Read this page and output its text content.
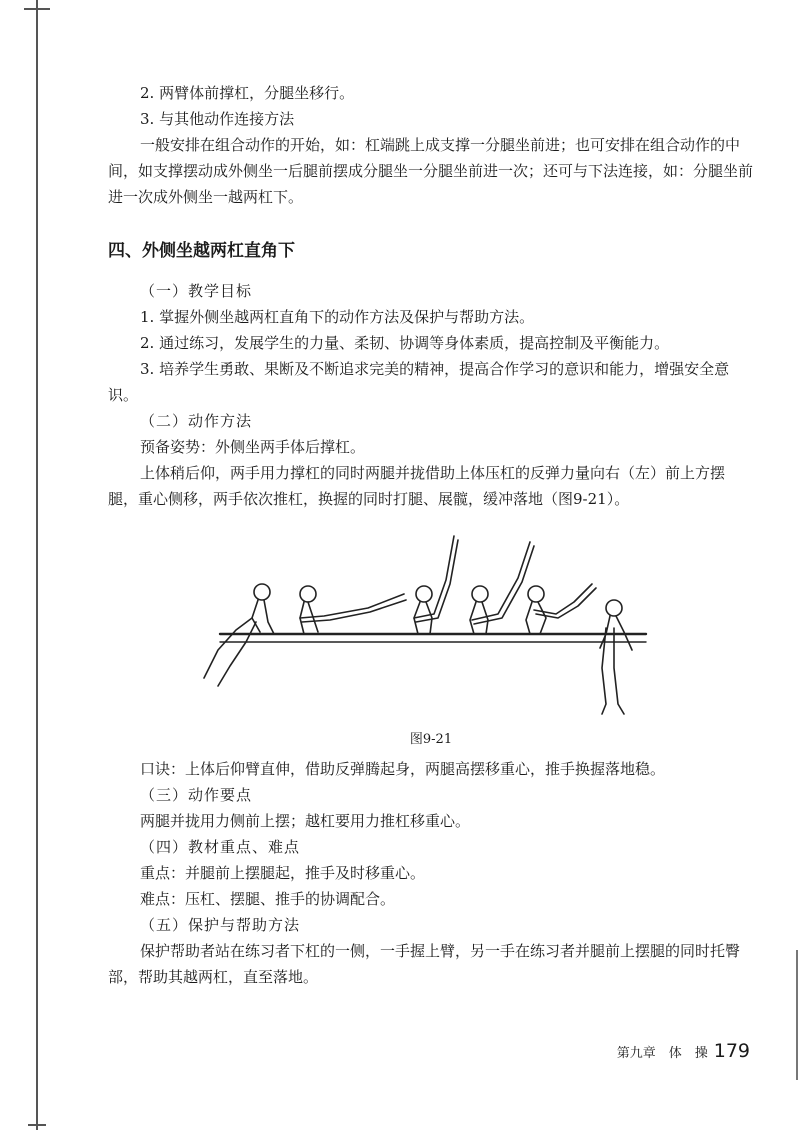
2. 两臂体前撑杠，分腿坐移行。

3. 与其他动作连接方法

一般安排在组合动作的开始，如：杠端跳上成支撑一分腿坐前进；也可安排在组合动作的中间，如支撑摆动成外侧坐一后腿前摆成分腿坐一分腿坐前进一次；还可与下法连接，如：分腿坐前进一次成外侧坐一越两杠下。

四、外侧坐越两杠直角下

（一）教学目标

1. 掌握外侧坐越两杠直角下的动作方法及保护与帮助方法。

2. 通过练习，发展学生的力量、柔韧、协调等身体素质，提高控制及平衡能力。

3. 培养学生勇敢、果断及不断追求完美的精神，提高合作学习的意识和能力，增强安全意识。

（二）动作方法

预备姿势：外侧坐两手体后撑杠。

上体稍后仰，两手用力撑杠的同时两腿并拢借助上体压杠的反弹力量向右（左）前上方摆腿，重心侧移，两手依次推杠，换握的同时打腿、展髋，缓冲落地（图9-21）。

图9-21

口诀：上体后仰臂直伸，借助反弹腾起身，两腿高摆移重心，推手换握落地稳。

（三）动作要点

两腿并拢用力侧前上摆；越杠要用力推杠移重心。

（四）教材重点、难点

重点：并腿前上摆腿起，推手及时移重心。

难点：压杠、摆腿、推手的协调配合。

（五）保护与帮助方法

保护帮助者站在练习者下杠的一侧，一手握上臂，另一手在练习者并腿前上摆腿的同时托臀部，帮助其越两杠，直至落地。

第九章　体　操 179
